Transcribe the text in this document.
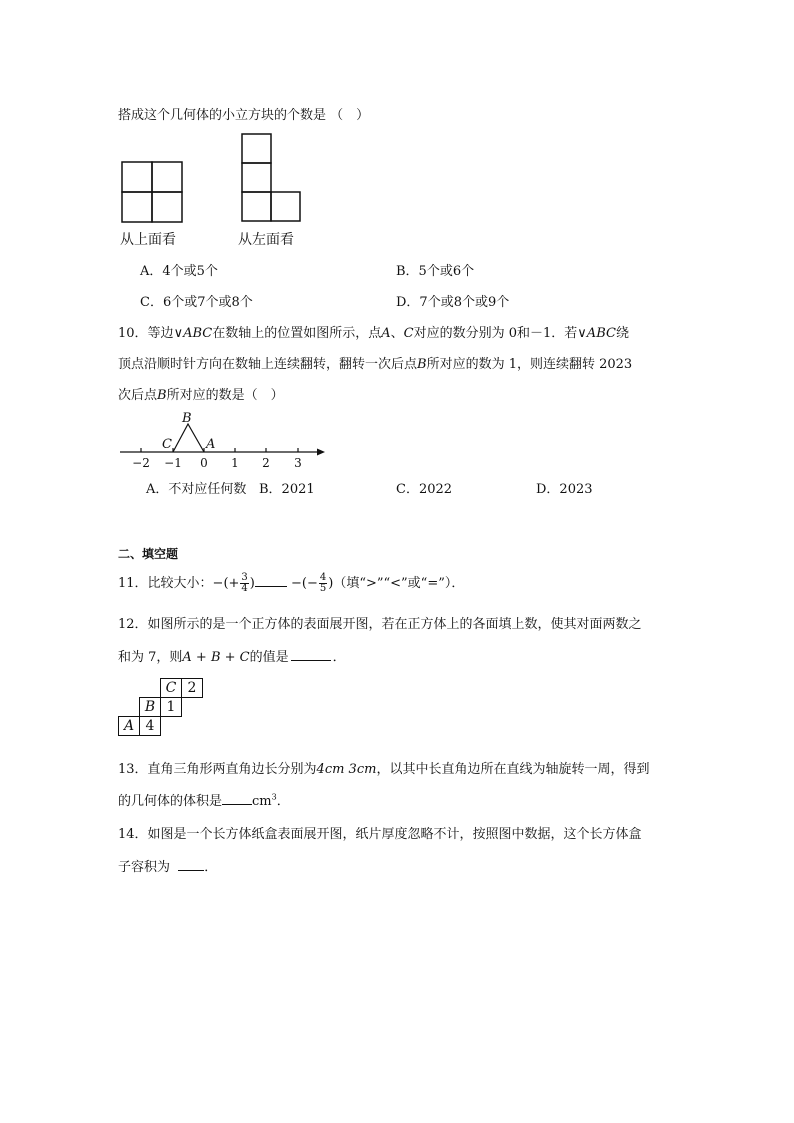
搭成这个几何体的小立方块的个数是 （　）
从上面看	从左面看
A．4个或5个	B．5个或6个
C．6个或7个或8个	D．7个或8个或9个
10．等边∨ABC在数轴上的位置如图所示，点A、C对应的数分别为 0和－1．若∨ABC绕
顶点沿顺时针方向在数轴上连续翻转，翻转一次后点B所对应的数为 1，则连续翻转 2023
次后点B所对应的数是（　）
B
C	A
−2 −1 0 1 2 3
A．不对应任何数 B．2021	C．2022	D．2023
二、填空题
11．比较大小：−(+ $\frac{3}{4}$ )	−(− $\frac{4}{5}$ )（填“>”“<”或“=”）．
12．如图所示的是一个正方体的表面展开图，若在正方体上的各面填上数，使其对面两数之
和为 7，则A + B + C的值是	．
		C	2
	B	1	
A	4		
13．直角三角形两直角边长分别为4cm 3cm，以其中长直角边所在直线为轴旋转一周，得到
的几何体的体积是 $cm^3$．
14．如图是一个长方体纸盒表面展开图，纸片厚度忽略不计，按照图中数据，这个长方体盒
子容积为	．
